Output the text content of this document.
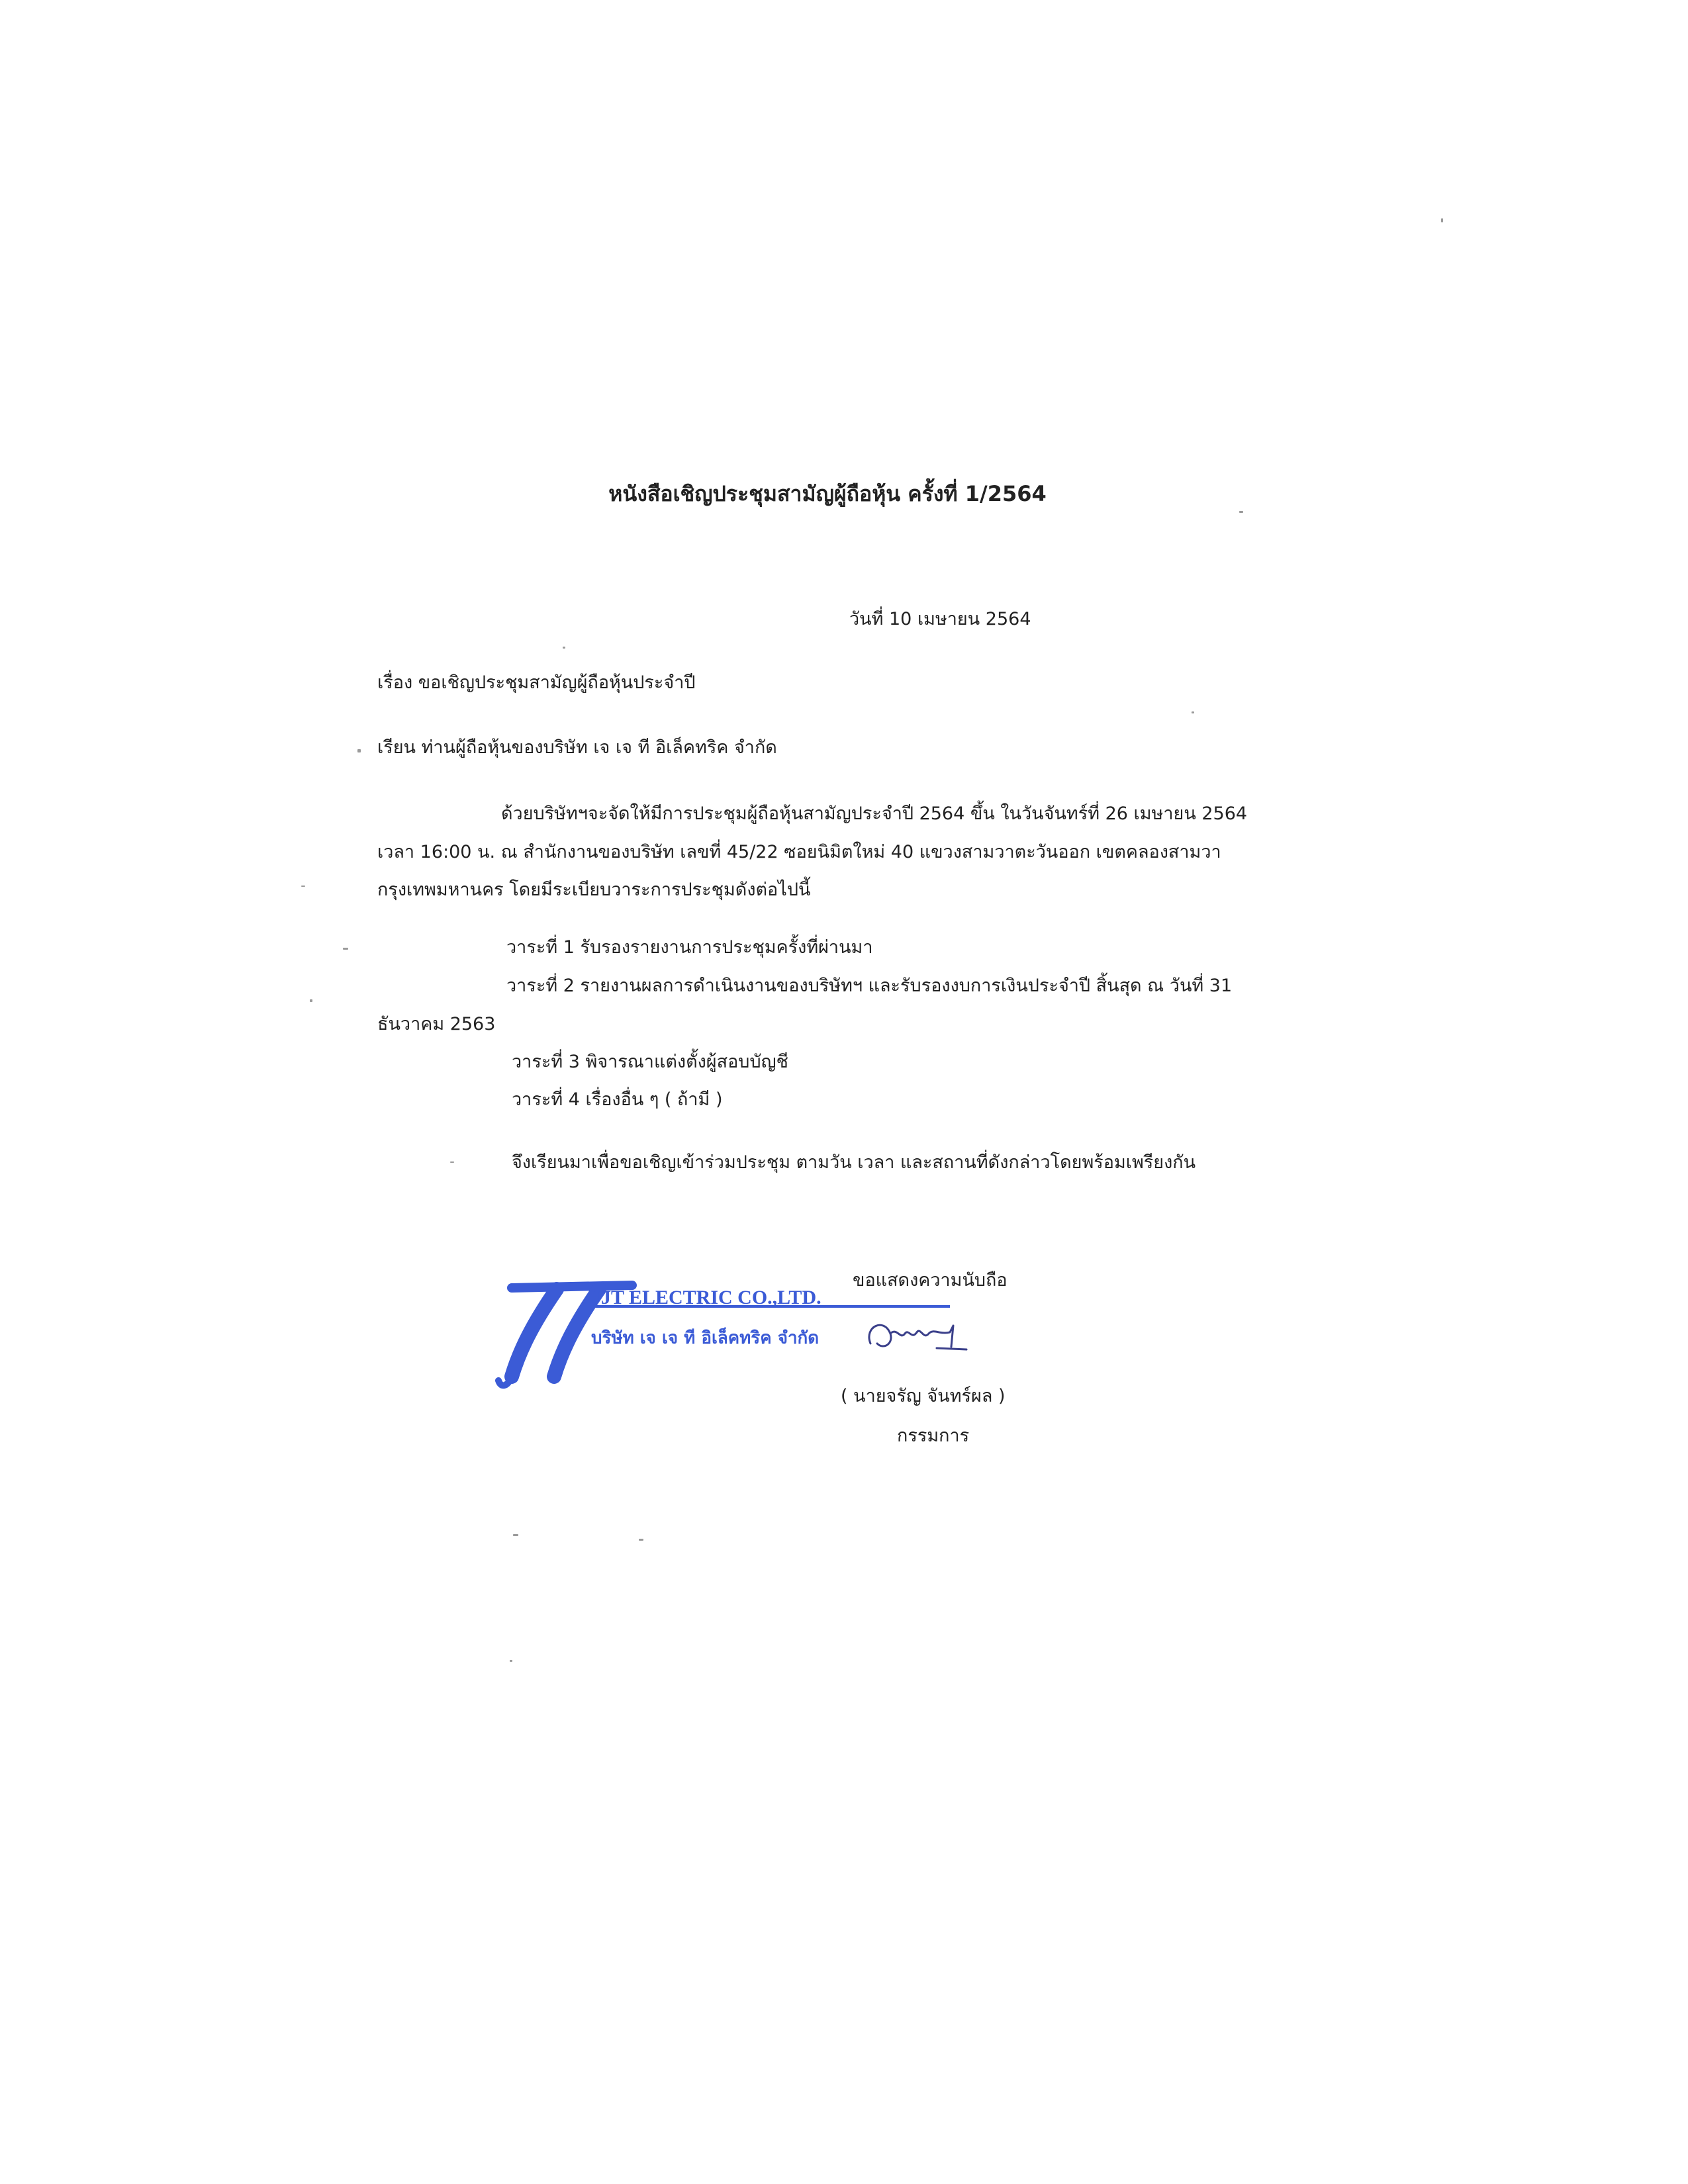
หนังสือเชิญประชุมสามัญผู้ถือหุ้น ครั้งที่ 1/2564
วันที่ 10 เมษายน 2564
เรื่อง ขอเชิญประชุมสามัญผู้ถือหุ้นประจำปี
เรียน ท่านผู้ถือหุ้นของบริษัท เจ เจ ที อิเล็คทริค จำกัด
ด้วยบริษัทฯจะจัดให้มีการประชุมผู้ถือหุ้นสามัญประจำปี 2564 ขึ้น ในวันจันทร์ที่ 26 เมษายน 2564
เวลา 16:00 น. ณ สำนักงานของบริษัท เลขที่ 45/22 ซอยนิมิตใหม่ 40 แขวงสามวาตะวันออก เขตคลองสามวา
กรุงเทพมหานคร โดยมีระเบียบวาระการประชุมดังต่อไปนี้
วาระที่ 1 รับรองรายงานการประชุมครั้งที่ผ่านมา
วาระที่ 2 รายงานผลการดำเนินงานของบริษัทฯ และรับรองงบการเงินประจำปี สิ้นสุด ณ วันที่ 31
ธันวาคม 2563
วาระที่ 3 พิจารณาแต่งตั้งผู้สอบบัญชี
วาระที่ 4 เรื่องอื่น ๆ ( ถ้ามี )
จึงเรียนมาเพื่อขอเชิญเข้าร่วมประชุม ตามวัน เวลา และสถานที่ดังกล่าวโดยพร้อมเพรียงกัน
ขอแสดงความนับถือ
JJT ELECTRIC CO.,LTD.
บริษัท เจ เจ ที อิเล็คทริค จำกัด
( นายจรัญ จันทร์ผล )
กรรมการ
